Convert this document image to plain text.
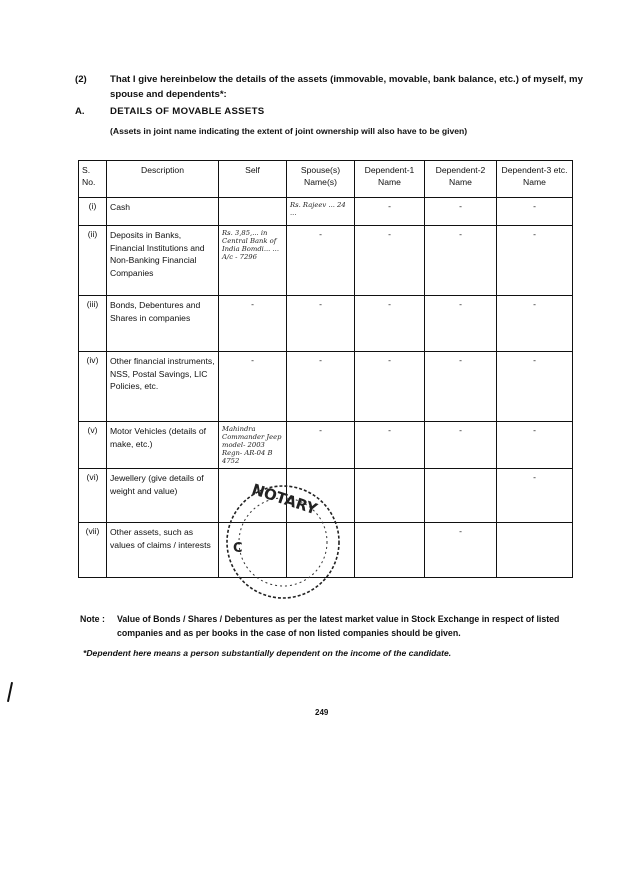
(2) That I give hereinbelow the details of the assets (immovable, movable, bank balance, etc.) of myself, my spouse and dependents*:
A.	DETAILS OF MOVABLE ASSETS
(Assets in joint name indicating the extent of joint ownership will also have to be given)
S. No.	Description	Self	Spouse(s) Name(s)	Dependent-1 Name	Dependent-2 Name	Dependent-3 etc. Name
(i)	Cash		Rs. Rajeev ... 24 ...	-	-	-
(ii)	Deposits in Banks, Financial Institutions and Non-Banking Financial Companies	Rs. 3,85,... in Central Bank of India Bomdi... ... A/c - 7296	-	-	-	-
(iii)	Bonds, Debentures and Shares in companies	-	-	-	-	-
(iv)	Other financial instruments, NSS, Postal Savings, LIC Policies, etc.	-	-	-	-	-
(v)	Motor Vehicles (details of make, etc.)	Mahindra Commander Jeep model- 2003 Regn- AR-04 B 4752	-	-	-	-
(vi)	Jewellery (give details of weight and value)					-
(vii)	Other assets, such as values of claims / interests				-	
NOTARY
C
Note : Value of Bonds / Shares / Debentures as per the latest market value in Stock Exchange in respect of listed companies and as per books in the case of non listed companies should be given.
*Dependent here means a person substantially dependent on the income of the candidate.
249
